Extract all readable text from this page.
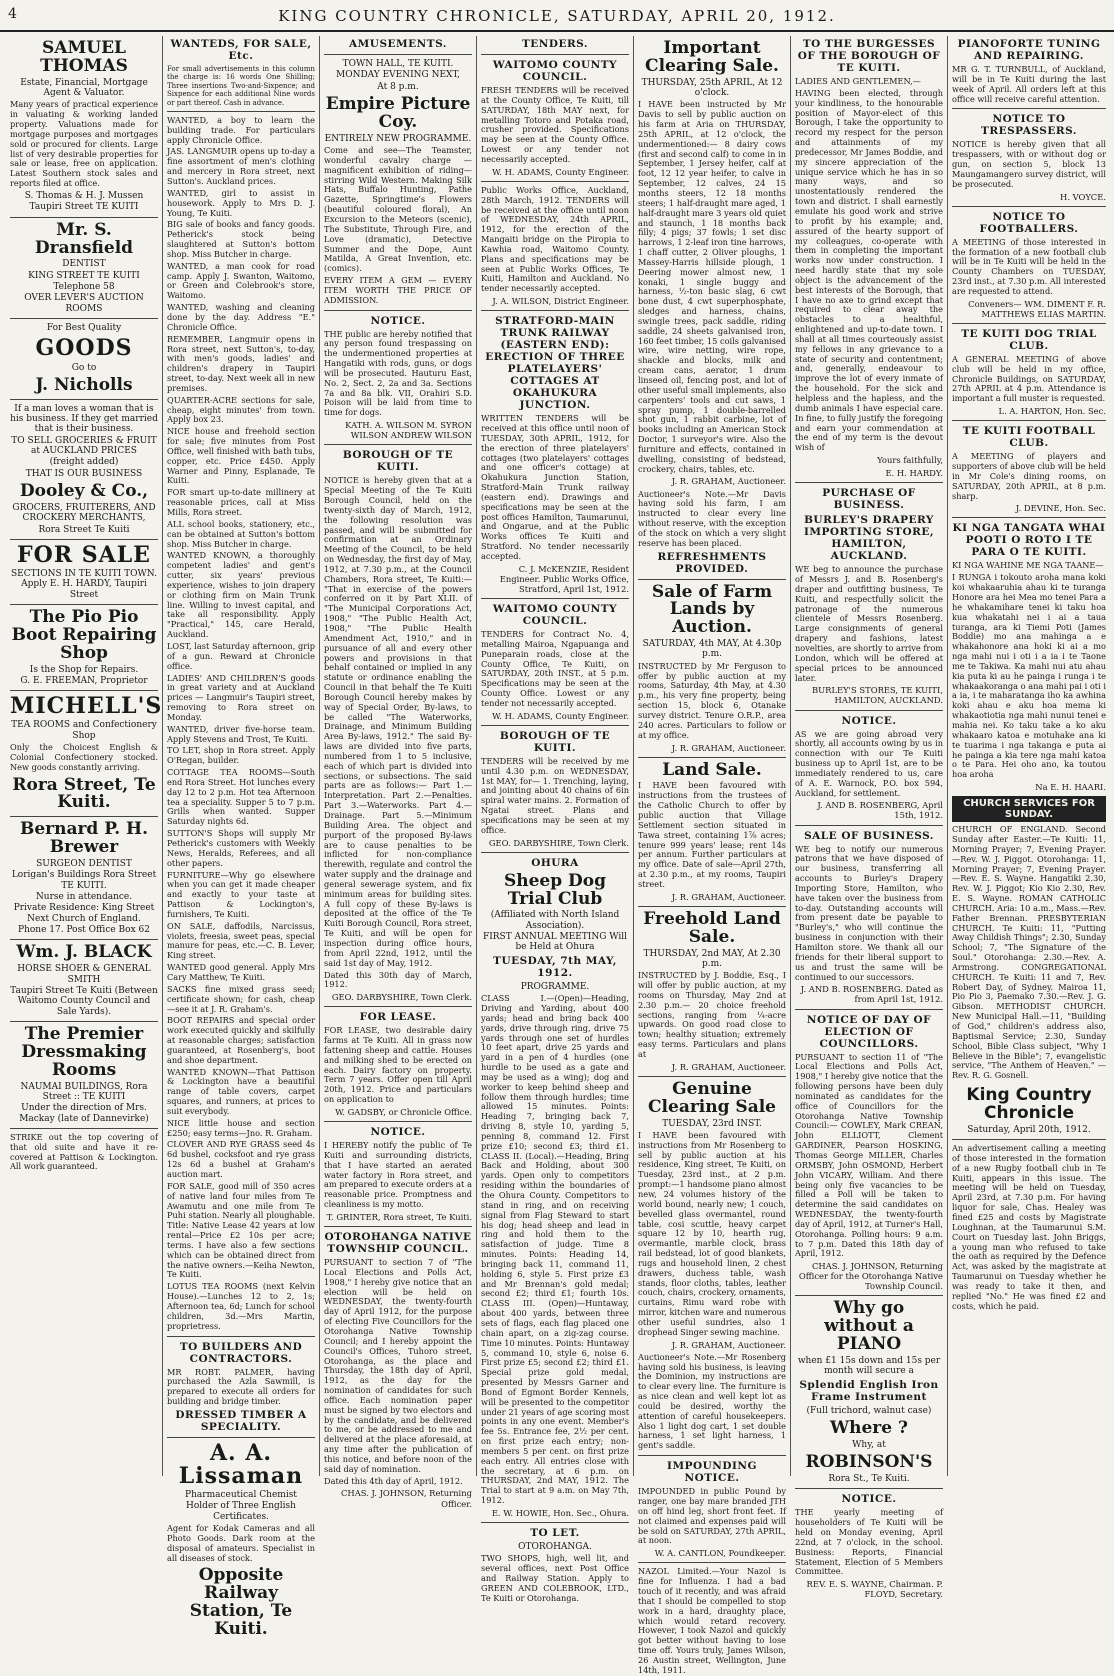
4	KING COUNTRY CHRONICLE, SATURDAY, APRIL 20, 1912.
SAMUEL THOMAS
Estate, Financial, Mortgage Agent & Valuator.
Many years of practical experience in valuating & working landed property. Valuations made for mortgage purposes and mortgages sold or procured for clients. Large list of very desirable properties for sale or lease, free on application. Latest Southern stock sales and reports filed at office.
S. Thomas & H. J. Mussen
Taupiri Street TE KUITI
Mr. S. Dransfield
DENTIST
KING STREET TE KUITI
Telephone 58
OVER LEVER'S AUCTION ROOMS
For Best Quality
GOODS
Go to
J. Nicholls
If a man loves a woman that is his business. If they get married that is their business.
TO SELL GROCERIES & FRUIT at AUCKLAND PRICES
(freight added)
THAT IS OUR BUSINESS
Dooley & Co.,
GROCERS, FRUITERERS, AND CROCKERY MERCHANTS,
Rora Street Te Kuiti
FOR SALE
SECTIONS IN TE KUITI TOWN. Apply E. H. HARDY, Taupiri Street
The Pio Pio Boot Repairing Shop
Is the Shop for Repairs.
G. E. FREEMAN, Proprietor
MICHELL'S
TEA ROOMS and Confectionery Shop
Only the Choicest English & Colonial Confectionery stocked. New goods constantly arriving.
Rora Street, Te Kuiti.
Bernard P. H. Brewer
SURGEON DENTIST
Lorigan's Buildings Rora Street TE KUITI.
Nurse in attendance.
Private Residence: King Street Next Church of England.
Phone 17. Post Office Box 62
Wm. J. BLACK
HORSE SHOER & GENERAL SMITH
Taupiri Street Te Kuiti (Between Waitomo County Council and Sale Yards).
The Premier Dressmaking Rooms
NAUMAI BUILDINGS, Rora Street :: TE KUITI
Under the direction of Mrs. Mackay (late of Dannevirke)
STRIKE out the top covering of that old suite and have it re-covered at Pattison & Lockington. All work guaranteed.
WANTEDS, FOR SALE, Etc.
For small advertisements in this column the charge is: 16 words One Shilling; Three insertions Two-and-Sixpence; and Sixpence for each additional Nine words or part thereof. Cash in advance.
WANTED, a boy to learn the building trade. For particulars apply Chronicle Office.
JAS. LANGMUIR opens up to-day a fine assortment of men's clothing and mercery in Rora street, next Sutton's. Auckland prices.
WANTED, girl to assist in housework. Apply to Mrs D. J. Young, Te Kuiti.
BIG sale of books and fancy goods. Petherick's stock being slaughtered at Sutton's bottom shop. Miss Butcher in charge.
WANTED, a man cook for road camp. Apply J. Swanton, Waitomo, or Green and Colebrook's store, Waitomo.
WANTED, washing and cleaning done by the day. Address "E." Chronicle Office.
REMEMBER, Langmuir opens in Rora street, next Sutton's, to-day, with men's goods, ladies' and children's drapery in Taupiri street, to-day. Next week all in new premises.
QUARTER-ACRE sections for sale, cheap, eight minutes' from town. Apply box 23.
NICE house and freehold section for sale; five minutes from Post Office, well finished with bath tubs, copper, etc. Price £450. Apply Warner and Pinny, Esplanade, Te Kuiti.
FOR smart up-to-date millinery at reasonable prices, call at Miss Mills, Rora street.
ALL school books, stationery, etc., can be obtained at Sutton's bottom shop. Miss Butcher in charge.
WANTED KNOWN, a thoroughly competent ladies' and gent's cutter, six years' previous experience, wishes to join drapery or clothing firm on Main Trunk line. Willing to invest capital, and take all responsibility. Apply "Practical," 145, care Herald, Auckland.
LOST, last Saturday afternoon, grip of a gun. Reward at Chronicle office.
LADIES' AND CHILDREN'S goods in great variety and at Auckland prices — Langmuir's Taupiri street, removing to Rora street on Monday.
WANTED, driver five-horse team. Apply Stevens and Trost, Te Kuiti.
TO LET, shop in Rora street. Apply O'Regan, builder.
COTTAGE TEA ROOMS—South end Rora Street. Hot lunches every day 12 to 2 p.m. Hot tea Afternoon tea a speciality. Supper 5 to 7 p.m. Grills when wanted. Supper Saturday nights 6d.
SUTTON'S Shops will supply Mr Petherick's customers with Weekly News, Heralds, Referees, and all other papers.
FURNITURE—Why go elsewhere when you can get it made cheaper and exactly to your taste at Pattison & Lockington's, furnishers, Te Kuiti.
ON SALE, daffodils, Narcissus, violets, freesia, sweet peas, special manure for peas, etc.—C. B. Lever, King street.
WANTED good general. Apply Mrs Cary Matthew, Te Kuiti.
SACKS fine mixed grass seed; certificate shown; for cash, cheap —see it at J. R. Graham's.
BOOT REPAIRS and special order work executed quickly and skilfully at reasonable charges; satisfaction guaranteed, at Rosenberg's, boot and shoe department.
WANTED KNOWN—That Pattison & Lockington have a beautiful range of table covers, carpet squares, and runners, at prices to suit everybody.
NICE little house and section £250; easy terms—Jno. R. Graham.
CLOVER AND RYE GRASS seed 4s 6d bushel, cocksfoot and rye grass 12s 6d a bushel at Graham's auction mart.
FOR SALE, good mill of 350 acres of native land four miles from Te Awamutu and one mile from Te Puhi station. Nearly all ploughable. Title: Native Lease 42 years at low rental—Price £2 10s per acre; terms. I have also a few sections which can be obtained direct from the native owners.—Keiha Newton, Te Kuiti.
LOTUS TEA ROOMS (next Kelvin House).—Lunches 12 to 2, 1s; Afternoon tea, 6d; Lunch for school children, 3d.—Mrs Martin, proprietress.
TO BUILDERS AND CONTRACTORS.
MR ROBT. PALMER, having purchased the Azla Sawmill, is prepared to execute all orders for building and bridge timber.
DRESSED TIMBER A SPECIALITY.
A. A. Lissaman
Pharmaceutical Chemist
Holder of Three English Certificates.
Agent for Kodak Cameras and all Photo Goods. Dark room at the disposal of amateurs. Specialist in all diseases of stock.
Opposite Railway Station, Te Kuiti.
AMUSEMENTS.
TOWN HALL, TE KUITI.
MONDAY EVENING NEXT,
At 8 p.m.
Empire Picture Coy.
ENTIRELY NEW PROGRAMME.
Come and see—The Teamster, wonderful cavalry charge — magnificent exhibition of riding—stirring Wild Western. Making Silk Hats, Buffalo Hunting, Pathe Gazette, Springtime's Flowers (beautiful coloured floral), An Excursion to the Meteors (scenic), The Substitute, Through Fire, and Love (dramatic), Detective Summer and the Dope, Aunt Matilda, A Great Invention, etc. (comics).
EVERY ITEM A GEM — EVERY ITEM WORTH THE PRICE OF ADMISSION.
NOTICE.
THE public are hereby notified that any person found trespassing on the undermentioned properties at Hangatiki with rods, guns, or dogs will be prosecuted. Hauturu East, No. 2, Sect. 2, 2a and 3a. Sections 7a and 8a blk. VII, Orahiri S.D. Poison will be laid from time to time for dogs.
KATH. A. WILSON M. SYRON WILSON ANDREW WILSON
BOROUGH OF TE KUITI.
NOTICE is hereby given that at a Special Meeting of the Te Kuiti Borough Council, held on the twenty-sixth day of March, 1912, the following resolution was passed, and will be submitted for confirmation at an Ordinary Meeting of the Council, to be held on Wednesday, the first day of May, 1912, at 7.30 p.m., at the Council Chambers, Rora street, Te Kuiti:— "That in exercise of the powers conferred on it by Part XLII. of "The Municipal Corporations Act, 1908," "The Public Health Act, 1908," "The Public Health Amendment Act, 1910," and in pursuance of all and every other powers and provisions in that behalf contained or implied in any statute or ordinance enabling the Council in that behalf the Te Kuiti Borough Council hereby makes by way of Special Order, By-laws, to be called "The Waterworks, Drainage, and Minimum Building Area By-laws, 1912." The said By-laws are divided into five parts, numbered from 1 to 5 inclusive, each of which part is divided into sections, or subsections. The said parts are as follows:— Part 1.—Interpretation. Part 2.—Penalties. Part 3.—Waterworks. Part 4.—Drainage. Part 5.—Minimum Building Area. The object and purport of the proposed By-laws are to cause penalties to be inflicted for non-compliance therewith, regulate and control the water supply and the drainage and general sewerage system, and fix minimum areas for building sites. A full copy of these By-laws is deposited at the office of the Te Kuiti Borough Council, Rora street, Te Kuiti, and will be open for inspection during office hours, from April 22nd, 1912, until the said 1st day of May, 1912.
Dated this 30th day of March, 1912.
GEO. DARBYSHIRE, Town Clerk.
FOR LEASE.
FOR LEASE, two desirable dairy farms at Te Kuiti. All in grass now fattening sheep and cattle. Houses and milking shed to be erected on each. Dairy factory on property. Term 7 years. Offer open till April 20th, 1912. Price and particulars on application to
W. GADSBY, or Chronicle Office.
NOTICE.
I HEREBY notify the public of Te Kuiti and surrounding districts, that I have started an aerated water factory in Rora street, and am prepared to execute orders at a reasonable price. Promptness and cleanliness is my motto.
T. GRINTER, Rora street, Te Kuiti.
OTOROHANGA NATIVE TOWNSHIP COUNCIL.
PURSUANT to section 7 of "The Local Elections and Polls Act, 1908," I hereby give notice that an election will be held on WEDNESDAY, the twenty-fourth day of April 1912, for the purpose of electing Five Councillors for the Otorohanga Native Township Council; and I hereby appoint the Council's Offices, Tuhoro street, Otorohanga, as the place and Thursday, the 18th day of April, 1912, as the day for the nomination of candidates for such office. Each nomination paper must be signed by two electors and by the candidate, and be delivered to me, or be addressed to me and delivered at the place aforesaid, at any time after the publication of this notice, and before noon of the said day of nomination.
Dated this 4th day of April, 1912.
CHAS. J. JOHNSON, Returning Officer.
TENDERS.
WAITOMO COUNTY COUNCIL.
FRESH TENDERS will be received at the County Office, Te Kuiti, till SATURDAY, 18th MAY next, for metalling Totoro and Potaka road, crusher provided. Specifications may be seen at the County Office. Lowest or any tender not necessarily accepted.
W. H. ADAMS, County Engineer.
Public Works Office, Auckland, 28th March, 1912. TENDERS will be received at the office until noon of WEDNESDAY, 24th APRIL, 1912, for the erection of the Mangaiti bridge on the Piropia to Kawhia road, Waitomo County. Plans and specifications may be seen at Public Works Offices, Te Kuiti, Hamilton and Auckland. No tender necessarily accepted.
J. A. WILSON, District Engineer.
STRATFORD-MAIN TRUNK RAILWAY (EASTERN END): ERECTION OF THREE PLATELAYERS' COTTAGES AT OKAHUKURA JUNCTION.
WRITTEN TENDERS will be received at this office until noon of TUESDAY, 30th APRIL, 1912, for the erection of three platelayers' cottages (two platelayers' cottages and one officer's cottage) at Okahukura Junction Station, Stratford-Main Trunk railway (eastern end). Drawings and specifications may be seen at the post offices Hamilton, Taumarunui, and Ongarue, and at the Public Works offices Te Kuiti and Stratford. No tender necessarily accepted.
C. J. McKENZIE, Resident Engineer. Public Works Office, Stratford, April 1st, 1912.
WAITOMO COUNTY COUNCIL.
TENDERS for Contract No. 4, metalling Mairoa, Ngapuanga and Puneparain roads, close at the County Office, Te Kuiti, on SATURDAY, 20th INST., at 5 p.m. Specifications may be seen at the County Office. Lowest or any tender not necessarily accepted.
W. H. ADAMS, County Engineer.
BOROUGH OF TE KUITI.
TENDERS will be received by me until 4.30 p.m. on WEDNESDAY, 1st MAY, for— 1. Trenching, laying, and jointing about 40 chains of 6in spiral water mains. 2. Formation of Ngatai street. Plans and specifications may be seen at my office.
GEO. DARBYSHIRE, Town Clerk.
OHURA
Sheep Dog Trial Club
(Affiliated with North Island Association).
FIRST ANNUAL MEETING Will be Held at Ohura
TUESDAY, 7th MAY, 1912.
PROGRAMME.
CLASS I.—(Open)—Heading, Driving and Yarding, about 400 yards; head and bring back 400 yards, drive through ring, drive 75 yards through one set of hurdles 10 feet apart, drive 25 yards and yard in a pen of 4 hurdles (one hurdle to be used as a gate and may be used as a wing); dog and worker to keep behind sheep and follow them through hurdles; time allowed 15 minutes. Points: Heading 7, bringing back 7, driving 8, style 10, yarding 5, penning 8, command 12. First prize £10; second £3; third £1. CLASS II. (Local).—Heading, Bring Back and Holding, about 300 yards. Open only to competitors residing within the boundaries of the Ohura County. Competitors to stand in ring, and on receiving signal from Flag Steward to start his dog; head sheep and lead in ring and hold them to the satisfaction of judge. Time 8 minutes. Points: Heading 14, bringing back 11, command 11, holding 6, style 5. First prize £3 and Mr Brennan's gold medal; second £2; third £1; fourth 10s. CLASS III. (Open)—Huntaway, about 400 yards, between three sets of flags, each flag placed one chain apart, on a zig-zag course. Time 10 minutes. Points: Huntaway 5, command 10, style 6, noise 6. First prize £5; second £2; third £1. Special prize gold medal, presented by Messrs Garner and Bond of Egmont Border Kennels, will be presented to the competitor under 21 years of age scoring most points in any one event. Member's fee 5s. Entrance fee, 2½ per cent. on first prize each entry; non-members 5 per cent. on first prize each entry. All entries close with the secretary, at 6 p.m. on THURSDAY, 2nd MAY, 1912. The Trial to start at 9 a.m. on May 7th, 1912.
E. W. HOWIE, Hon. Sec., Ohura.
TO LET.
OTOROHANGA.
TWO SHOPS, high, well lit, and several offices, next Post Office and Railway Station. Apply to GREEN AND COLEBROOK, LTD., Te Kuiti or Otorohanga.
Important Clearing Sale.
THURSDAY, 25th APRIL, At 12 o'clock.
I HAVE been instructed by Mr Davis to sell by public auction on his farm at Aria on THURSDAY, 25th APRIL, at 12 o'clock, the undermentioned:— 8 dairy cows (first and second calf) to come in in September, 1 Jersey heifer, calf at foot, 12 12 year heifer, to calve in September, 12 calves, 24 15 months steers, 12 18 months steers; 1 half-draught mare aged, 1 half-draught mare 3 years old quiet and staunch, 1 18 months back filly; 4 pigs; 37 fowls; 1 set disc harrows, 1 2-leaf iron tine harrows, 1 chaff cutter, 2 Oliver ploughs, 1 Massey-Harris hillside plough, 1 Deering mower almost new, 1 konaki, 1 single buggy and harness, ½-ton basic slag, 6 cwt bone dust, 4 cwt superphosphate, sledges and harness, chains, swingle trees, pack saddle, riding saddle, 24 sheets galvanised iron, 160 feet timber, 15 coils galvanised wire, wire netting, wire rope, shackle and blocks, milk and cream cans, aerator, 1 drum linseed oil, fencing post, and lot of other useful small implements, also carpenters' tools and cut saws, 1 spray pump, 1 double-barrelled shot gun, 1 rabbit carbine, lot of books including an American Stock Doctor, 1 surveyor's wire. Also the furniture and effects, contained in dwelling, consisting of bedstead, crockery, chairs, tables, etc.
J. R. GRAHAM, Auctioneer.
Auctioneer's Note.—Mr Davis having sold his farm, I am instructed to clear every line without reserve, with the exception of the stock on which a very slight reserve has been placed.
REFRESHMENTS PROVIDED.
Sale of Farm Lands by Auction.
SATURDAY, 4th MAY, At 4.30p p.m.
INSTRUCTED by Mr Ferguson to offer by public auction at my rooms, Saturday, 4th May, at 4.30 p.m., his very fine property, being section 15, block 6, Otanake survey district. Tenure O.R.P., area 240 acres. Particulars to follow or at my office.
J. R. GRAHAM, Auctioneer.
Land Sale.
I HAVE been favoured with instructions from the trustees of the Catholic Church to offer by public auction that Village Settlement section situated in Tawa street, containing 1⅞ acres; tenure 999 years' lease; rent 14s per annum. Further particulars at my office. Date of sale—April 27th, at 2.30 p.m., at my rooms, Taupiri street.
J. R. GRAHAM, Auctioneer.
Freehold Land Sale.
THURSDAY, 2nd MAY, At 2.30 p.m.
INSTRUCTED by J. Boddie, Esq., I will offer by public auction, at my rooms on Thursday, May 2nd at 2.30 p.m.— 20 choice freehold sections, ranging from ¼-acre upwards. On good road close to town; healthy situation; extremely easy terms. Particulars and plans at
J. R. GRAHAM, Auctioneer.
Genuine Clearing Sale
TUESDAY, 23rd INST.
I HAVE been favoured with instructions from Mr Rosenberg to sell by public auction at his residence, King street, Te Kuiti, on Tuesday, 23rd inst., at 2 p.m. prompt:—1 handsome piano almost new, 24 volumes history of the world bound, nearly new; 1 couch, bevelled glass overmantel, round table, cosi scuttle, heavy carpet square 12 by 10, hearth rug, overmantle, marble clock, brass rail bedstead, lot of good blankets, rugs and household linen, 2 chest drawers, duchess table, wash stands, floor cloths, tables, leather couch, chairs, crockery, ornaments, curtains, Rimu ward robe with mirror, kitchen ware and numerous other useful sundries, also 1 drophead Singer sewing machine.
J. R. GRAHAM, Auctioneer.
Auctioneer's Note.—Mr Rosenberg having sold his business, is leaving the Dominion, my instructions are to clear every line. The furniture is as nice clean and well kept lot as could be desired, worthy the attention of careful housekeepers. Also 1 light dog cart, 1 set double harness, 1 set light harness, 1 gent's saddle.
IMPOUNDING NOTICE.
IMPOUNDED in public Pound by ranger, one bay mare branded JTH on off hind leg, short front feet. If not claimed and expenses paid will be sold on SATURDAY, 27th APRIL, at noon.
W. A. CANTLON, Poundkeeper.
NAZOL Limited.—Your Nazol is fine for Influenza. I had a bad touch of it recently, and was afraid that I should be compelled to stop work in a hard, draughty place, which would retard recovery. However, I took Nazol and quickly got better without having to lose time off. Yours truly, James Wilson, 26 Austin street, Wellington, June 14th, 1911.
TO THE BURGESSES OF THE BOROUGH OF TE KUITI.
LADIES AND GENTLEMEN,—
HAVING been elected, through your kindliness, to the honourable position of Mayor-elect of this Borough, I take the opportunity to record my respect for the person and attainments of my predecessor, Mr James Boddie, and my sincere appreciation of the unique service which he has in so many ways, and so unostentatiously rendered the town and district. I shall earnestly emulate his good work and strive to profit by his example; and, assured of the hearty support of my colleagues, co-operate with them in completing the important works now under construction. I need hardly state that my sole object is the advancement of the best interests of the Borough, that I have no axe to grind except that required to clear away the obstacles to a healthful, enlightened and up-to-date town. I shall at all times courteously assist my fellows in any grievance to a state of security and contentment; and, generally, endeavour to improve the lot of every inmate of the household. For the sick and helpless and the hapless, and the dumb animals I have especial care. In fine, to fully justify the foregoing and earn your commendation at the end of my term is the devout wish of
Yours faithfully,
E. H. HARDY.
PURCHASE OF BUSINESS.
BURLEY'S DRAPERY IMPORTING STORE, HAMILTON, AUCKLAND.
WE beg to announce the purchase of Messrs J. and B. Rosenberg's draper and outfitting business, Te Kuiti, and respectfully solicit the patronage of the numerous clientele of Messrs Rosenberg. Large consignments of general drapery and fashions, latest novelties, are shortly to arrive from London, which will be offered at special prices to be announced later.
BURLEY'S STORES, TE KUITI, HAMILTON, AUCKLAND.
NOTICE.
AS we are going abroad very shortly, all accounts owing by us in connection with our Te Kuiti business up to April 1st, are to be immediately rendered to us, care of A. E. Warnock, P.O. box 594, Auckland, for settlement.
J. AND B. ROSENBERG, April 15th, 1912.
SALE OF BUSINESS.
WE beg to notify our numerous patrons that we have disposed of our business, transferring all accounts to Burley's Drapery Importing Store, Hamilton, who have taken over the business from to-day. Outstanding accounts will from present date be payable to "Burley's," who will continue the business in conjunction with their Hamilton store. We thank all our friends for their liberal support to us and trust the same will be continued to our successors.
J. AND B. ROSENBERG. Dated as from April 1st, 1912.
NOTICE OF DAY OF ELECTION OF COUNCILLORS.
PURSUANT to section 11 of "The Local Elections and Polls Act, 1908," I hereby give notice that the following persons have been duly nominated as candidates for the office of Councillors for the Otorohanga Native Township Council:— COWLEY, Mark CREAN, John ELLIOTT, Clement GARDINER, Pearson HOSKING, Thomas George MILLER, Charles ORMSBY, John OSMOND, Herbert John VICARY, William. And there being only five vacancies to be filled a Poll will be taken to determine the said candidates on WEDNESDAY, the twenty-fourth day of April, 1912, at Turner's Hall, Otorohanga. Polling hours: 9 a.m. to 7 p.m. Dated this 18th day of April, 1912.
CHAS. J. JOHNSON, Returning Officer for the Otorohanga Native Township Council.
Why go without a PIANO
when £1 15s down and 15s per month will secure a
Splendid English Iron Frame Instrument
(Full trichord, walnut case)
Where ?
Why, at
ROBINSON'S
Rora St., Te Kuiti.
NOTICE.
THE yearly meeting of householders of Te Kuiti will be held on Monday evening, April 22nd, at 7 o'clock, in the school. Business: Reports, Financial Statement, Election of 5 Members Committee.
REV. E. S. WAYNE, Chairman. P. FLOYD, Secretary.
PIANOFORTE TUNING AND REPAIRING.
MR G. T. TURNBULL, of Auckland, will be in Te Kuiti during the last week of April. All orders left at this office will receive careful attention.
NOTICE TO TRESPASSERS.
NOTICE is hereby given that all trespassers, with or without dog or gun, on section 5, block 13 Maungamangero survey district, will be prosecuted.
H. VOYCE.
NOTICE TO FOOTBALLERS.
A MEETING of those interested in the formation of a new football club will be in Te Kuiti will be held in the County Chambers on TUESDAY, 23rd inst., at 7.30 p.m. All interested are requested to attend.
Conveners— WM. DIMENT F. R. MATTHEWS ELIAS MARTIN.
TE KUITI DOG TRIAL CLUB.
A GENERAL MEETING of above club will be held in my office, Chronicle Buildings, on SATURDAY, 27th APRIL at 4 p.m. Attendance is important a full muster is requested.
L. A. HARTON, Hon. Sec.
TE KUITI FOOTBALL CLUB.
A MEETING of players and supporters of above club will be held in Mr Cole's dining rooms, on SATURDAY, 20th APRIL, at 8 p.m. sharp.
J. DEVINE, Hon. Sec.
KI NGA TANGATA WHAI POOTI O ROTO I TE PARA O TE KUITI.
KI NGA WAHINE ME NGA TAANE—
I RUNGA i tokouto aroha mana koki koi whakaaruhia ahau ki te turanga Honore ara hei Mea mo tenei Para a he whakamihare tenei ki taku hoa kua whakatahi nei i ai a taua turanga, ara ki Tiemi Poti (James Boddie) mo ana mahinga a e whakahonore ana hoki ki ai a mo nga mahi nui i oti i a ia i te Taone me te Takiwa. Ka mahi nui atu ahau kia puta ki au he painga i runga i te whakaakoranga o ana mahi pai i oti i a ia, i te maharatanga iho ka awhina koki ahau e aku hoa mema ki whakaotiotia nga mahi nunui tenei e mahia nei. Ko taku take a ko aku whakaaro katoa e motuhake ana ki te tuarima i nga takanga e puta ai he painga a kia tere nga mahi katoa o te Para. Hei oho ano, ka toutou hoa aroha
Na E. H. HAARI.
CHURCH SERVICES FOR SUNDAY.
CHURCH OF ENGLAND. Second Sunday after Easter.—Te Kuiti: 11, Morning Prayer; 7, Evening Prayer.—Rev. W. J. Piggot. Otorohanga: 11, Morning Prayer; 7, Evening Prayer.—Rev. E. S. Wayne. Hangatiki 2.30, Rev. W. J. Piggot; Kio Kio 2.30, Rev. E. S. Wayne. ROMAN CATHOLIC CHURCH. Aria: 10 a.m., Mass.—Rev. Father Brennan. PRESBYTERIAN CHURCH. Te Kuiti: 11, "Putting Away Childish Things"; 2.30, Sunday School; 7, "The Signature of the Soul." Otorohanga: 2.30.—Rev. A. Armstrong. CONGREGATIONAL CHURCH. Te Kuiti: 11 and 7, Rev. Robert Day, of Sydney. Mairoa 11, Pio Pio 3, Paemako 7.30.—Rev. J. G. Gibson. METHODIST CHURCH. New Municipal Hall.—11, "Building of God," children's address also, Baptismal Service; 2.30, Sunday School, Bible Class subject, "Why I Believe in the Bible"; 7, evangelistic service, "The Anthem of Heaven." —Rev. R. G. Gosnell.
King Country Chronicle
Saturday, April 20th, 1912.
An advertisement calling a meeting of those interested in the formation of a new Rugby football club in Te Kuiti, appears in this issue. The meeting will be held on Tuesday, April 23rd, at 7.30 p.m. For having liquor for sale, Chas. Healey was fined £25 and costs by Magistrate Loughnan, at the Taumarunui S.M. Court on Tuesday last. John Briggs, a young man who refused to take the oath as required by the Defence Act, was asked by the magistrate at Taumarunui on Tuesday whether he was ready to take it then, and replied "No." He was fined £2 and costs, which he paid.
